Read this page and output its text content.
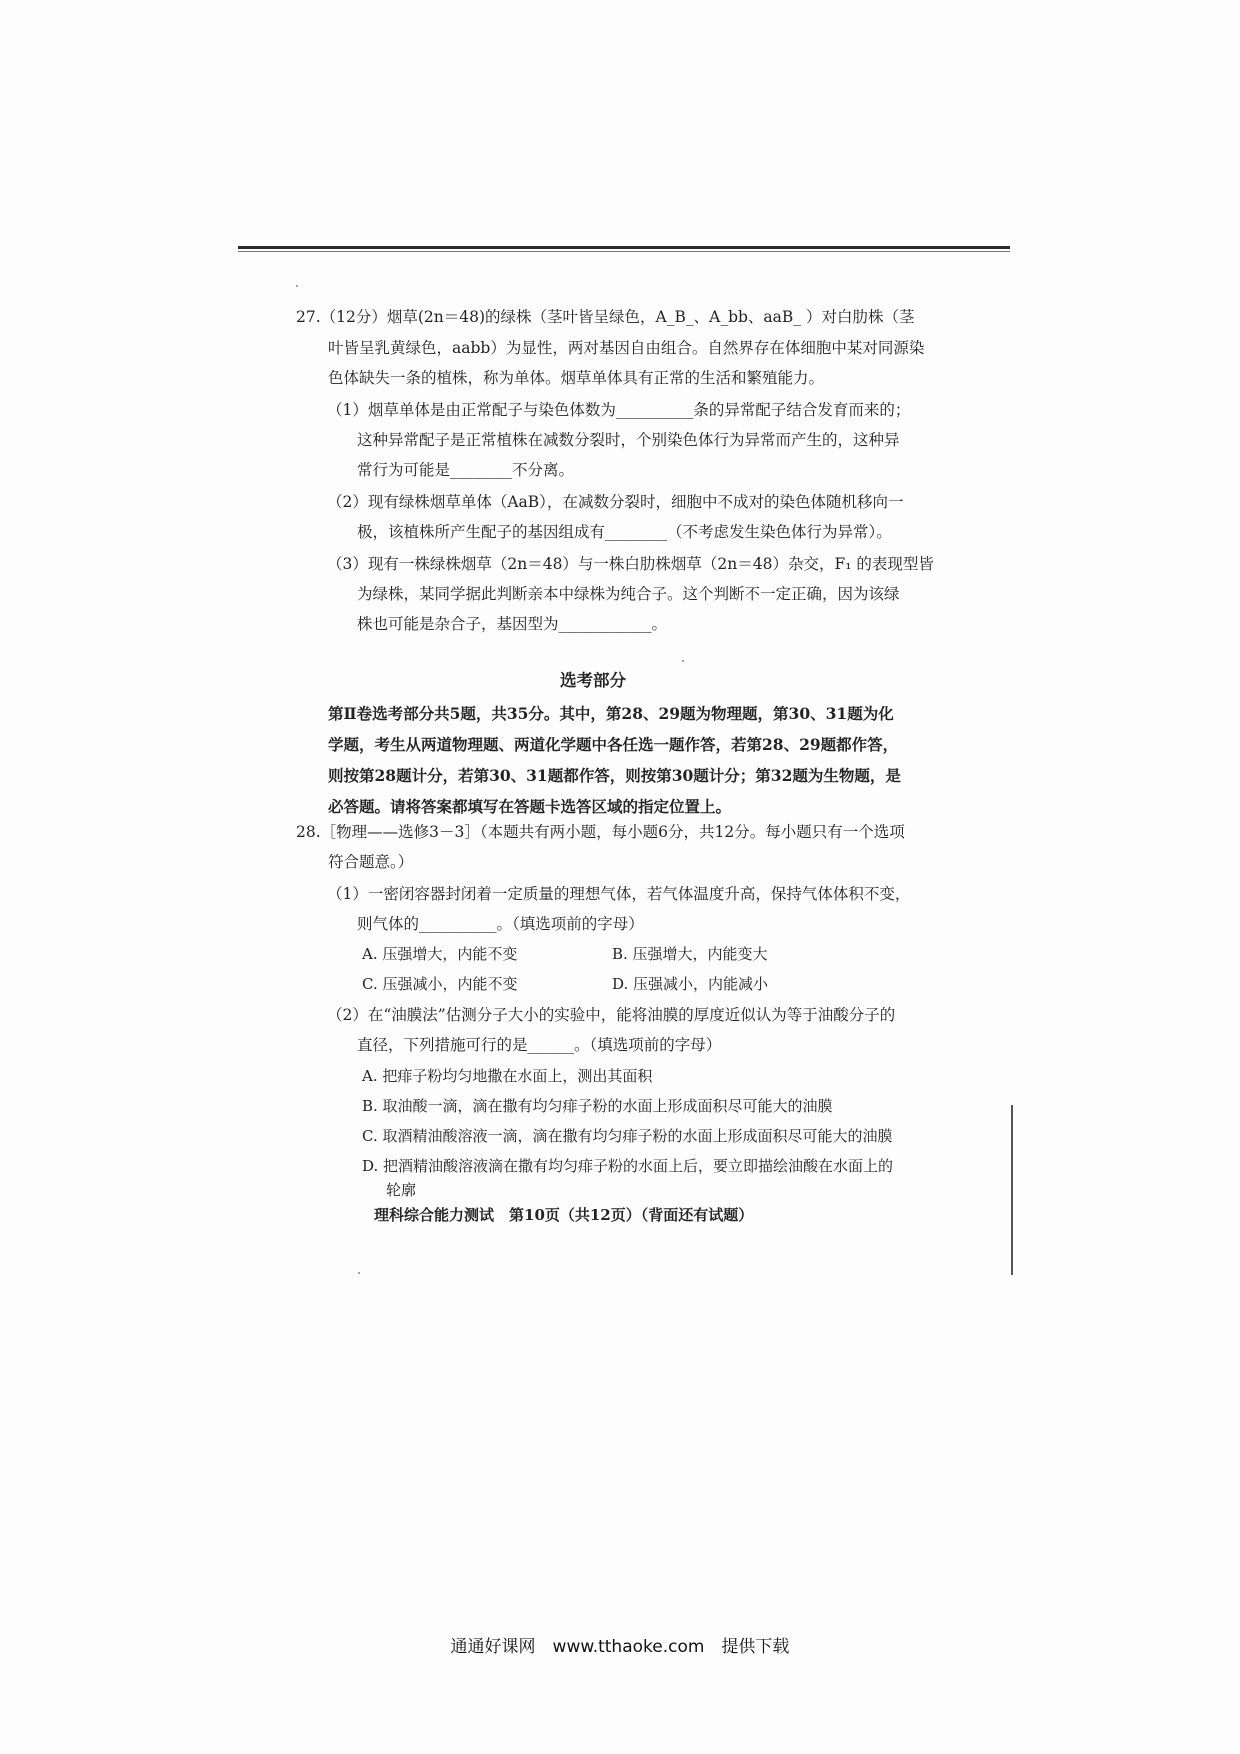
27.（12分）烟草(2n＝48)的绿株（茎叶皆呈绿色，A_B_、A_bb、aaB_ ）对白肋株（茎
叶皆呈乳黄绿色，aabb）为显性，两对基因自由组合。自然界存在体细胞中某对同源染
色体缺失一条的植株，称为单体。烟草单体具有正常的生活和繁殖能力。
（1）烟草单体是由正常配子与染色体数为__________条的异常配子结合发育而来的；
这种异常配子是正常植株在减数分裂时，个别染色体行为异常而产生的，这种异
常行为可能是________不分离。
（2）现有绿株烟草单体（AaB），在减数分裂时，细胞中不成对的染色体随机移向一
极，该植株所产生配子的基因组成有________（不考虑发生染色体行为异常）。
（3）现有一株绿株烟草（2n＝48）与一株白肋株烟草（2n＝48）杂交，F₁ 的表现型皆
为绿株，某同学据此判断亲本中绿株为纯合子。这个判断不一定正确，因为该绿
株也可能是杂合子，基因型为____________。
选考部分
第Ⅱ卷选考部分共5题，共35分。其中，第28、29题为物理题，第30、31题为化学题，考生从两道物理题、两道化学题中各任选一题作答，若第28、29题都作答，则按第28题计分，若第30、31题都作答，则按第30题计分；第32题为生物题，是必答题。请将答案都填写在答题卡选答区域的指定位置上。
28.［物理——选修3－3］（本题共有两小题，每小题6分，共12分。每小题只有一个选项
符合题意。）
（1）一密闭容器封闭着一定质量的理想气体，若气体温度升高，保持气体体积不变，
则气体的__________。（填选项前的字母）
A. 压强增大，内能不变	B. 压强增大，内能变大
C. 压强减小，内能不变	D. 压强减小，内能减小
（2）在“油膜法”估测分子大小的实验中，能将油膜的厚度近似认为等于油酸分子的
直径，下列措施可行的是______。（填选项前的字母）
A. 把痱子粉均匀地撒在水面上，测出其面积
B. 取油酸一滴，滴在撒有均匀痱子粉的水面上形成面积尽可能大的油膜
C. 取酒精油酸溶液一滴，滴在撒有均匀痱子粉的水面上形成面积尽可能大的油膜
D. 把酒精油酸溶液滴在撒有均匀痱子粉的水面上后，要立即描绘油酸在水面上的
轮廓
理科综合能力测试　第10页（共12页）（背面还有试题）
通通好课网　www.tthaoke.com　提供下载
